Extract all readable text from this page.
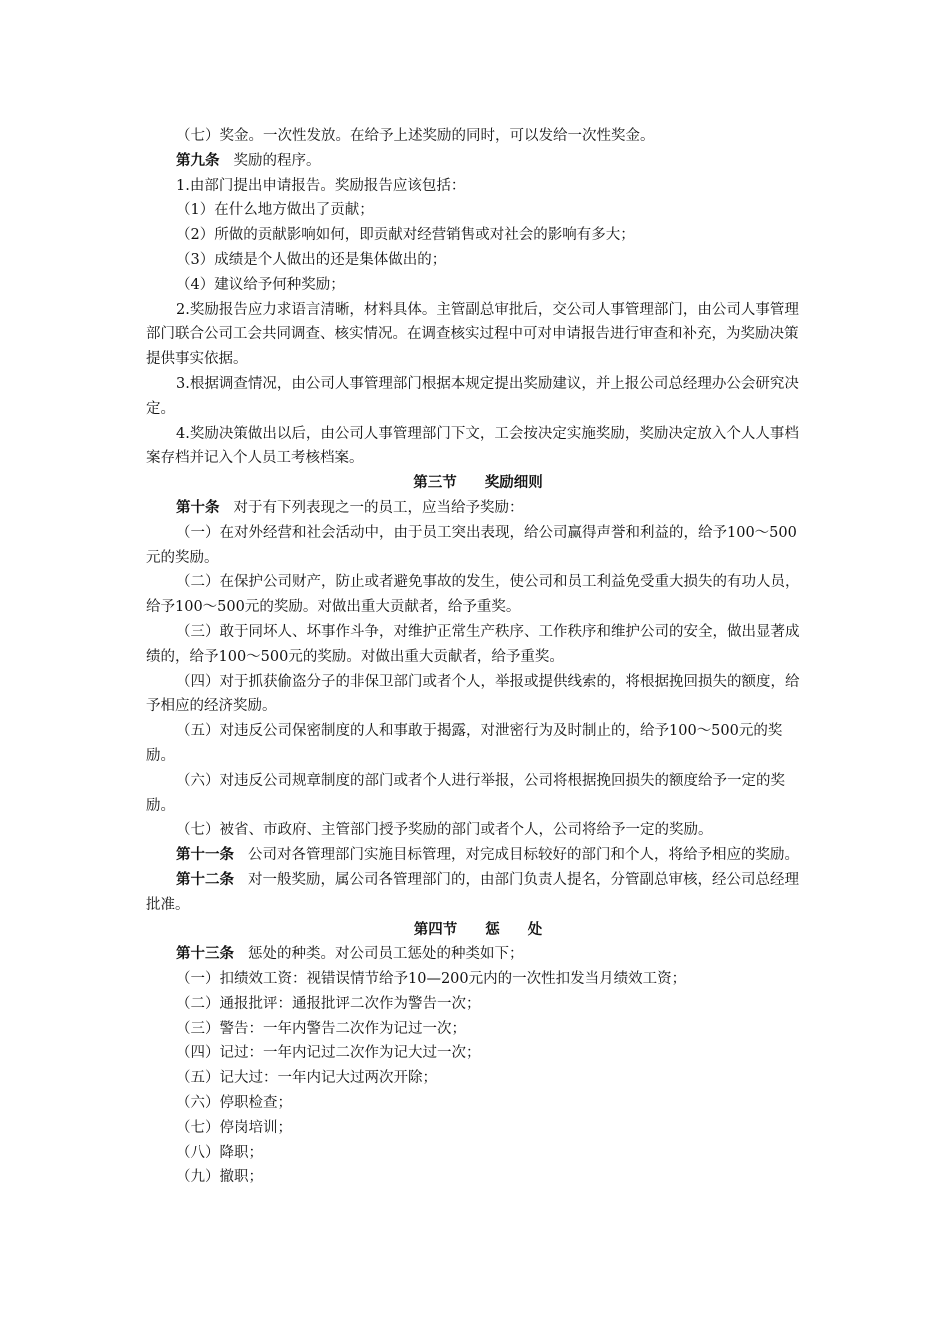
（七）奖金。一次性发放。在给予上述奖励的同时，可以发给一次性奖金。

第九条 奖励的程序。

1.由部门提出申请报告。奖励报告应该包括：

（1）在什么地方做出了贡献；

（2）所做的贡献影响如何，即贡献对经营销售或对社会的影响有多大；

（3）成绩是个人做出的还是集体做出的；

（4）建议给予何种奖励；

2.奖励报告应力求语言清晰，材料具体。主管副总审批后，交公司人事管理部门，由公司人事管理部门联合公司工会共同调查、核实情况。在调查核实过程中可对申请报告进行审查和补充，为奖励决策提供事实依据。

3.根据调查情况，由公司人事管理部门根据本规定提出奖励建议，并上报公司总经理办公会研究决定。

4.奖励决策做出以后，由公司人事管理部门下文，工会按决定实施奖励，奖励决定放入个人人事档案存档并记入个人员工考核档案。

第三节 奖励细则

第十条 对于有下列表现之一的员工，应当给予奖励：

（一）在对外经营和社会活动中，由于员工突出表现，给公司赢得声誉和利益的，给予100～500元的奖励。

（二）在保护公司财产，防止或者避免事故的发生，使公司和员工利益免受重大损失的有功人员，给予100～500元的奖励。对做出重大贡献者，给予重奖。

（三）敢于同坏人、坏事作斗争，对维护正常生产秩序、工作秩序和维护公司的安全，做出显著成绩的，给予100～500元的奖励。对做出重大贡献者，给予重奖。

（四）对于抓获偷盗分子的非保卫部门或者个人，举报或提供线索的，将根据挽回损失的额度，给予相应的经济奖励。

（五）对违反公司保密制度的人和事敢于揭露，对泄密行为及时制止的，给予100～500元的奖励。

（六）对违反公司规章制度的部门或者个人进行举报，公司将根据挽回损失的额度给予一定的奖励。

（七）被省、市政府、主管部门授予奖励的部门或者个人，公司将给予一定的奖励。

第十一条 公司对各管理部门实施目标管理，对完成目标较好的部门和个人，将给予相应的奖励。

第十二条 对一般奖励，属公司各管理部门的，由部门负责人提名，分管副总审核，经公司总经理批准。

第四节 惩 处

第十三条 惩处的种类。对公司员工惩处的种类如下；

（一）扣绩效工资：视错误情节给予10—200元内的一次性扣发当月绩效工资；

（二）通报批评：通报批评二次作为警告一次；

（三）警告：一年内警告二次作为记过一次；

（四）记过：一年内记过二次作为记大过一次；

（五）记大过：一年内记大过两次开除；

（六）停职检查；

（七）停岗培训；

（八）降职；

（九）撤职；
